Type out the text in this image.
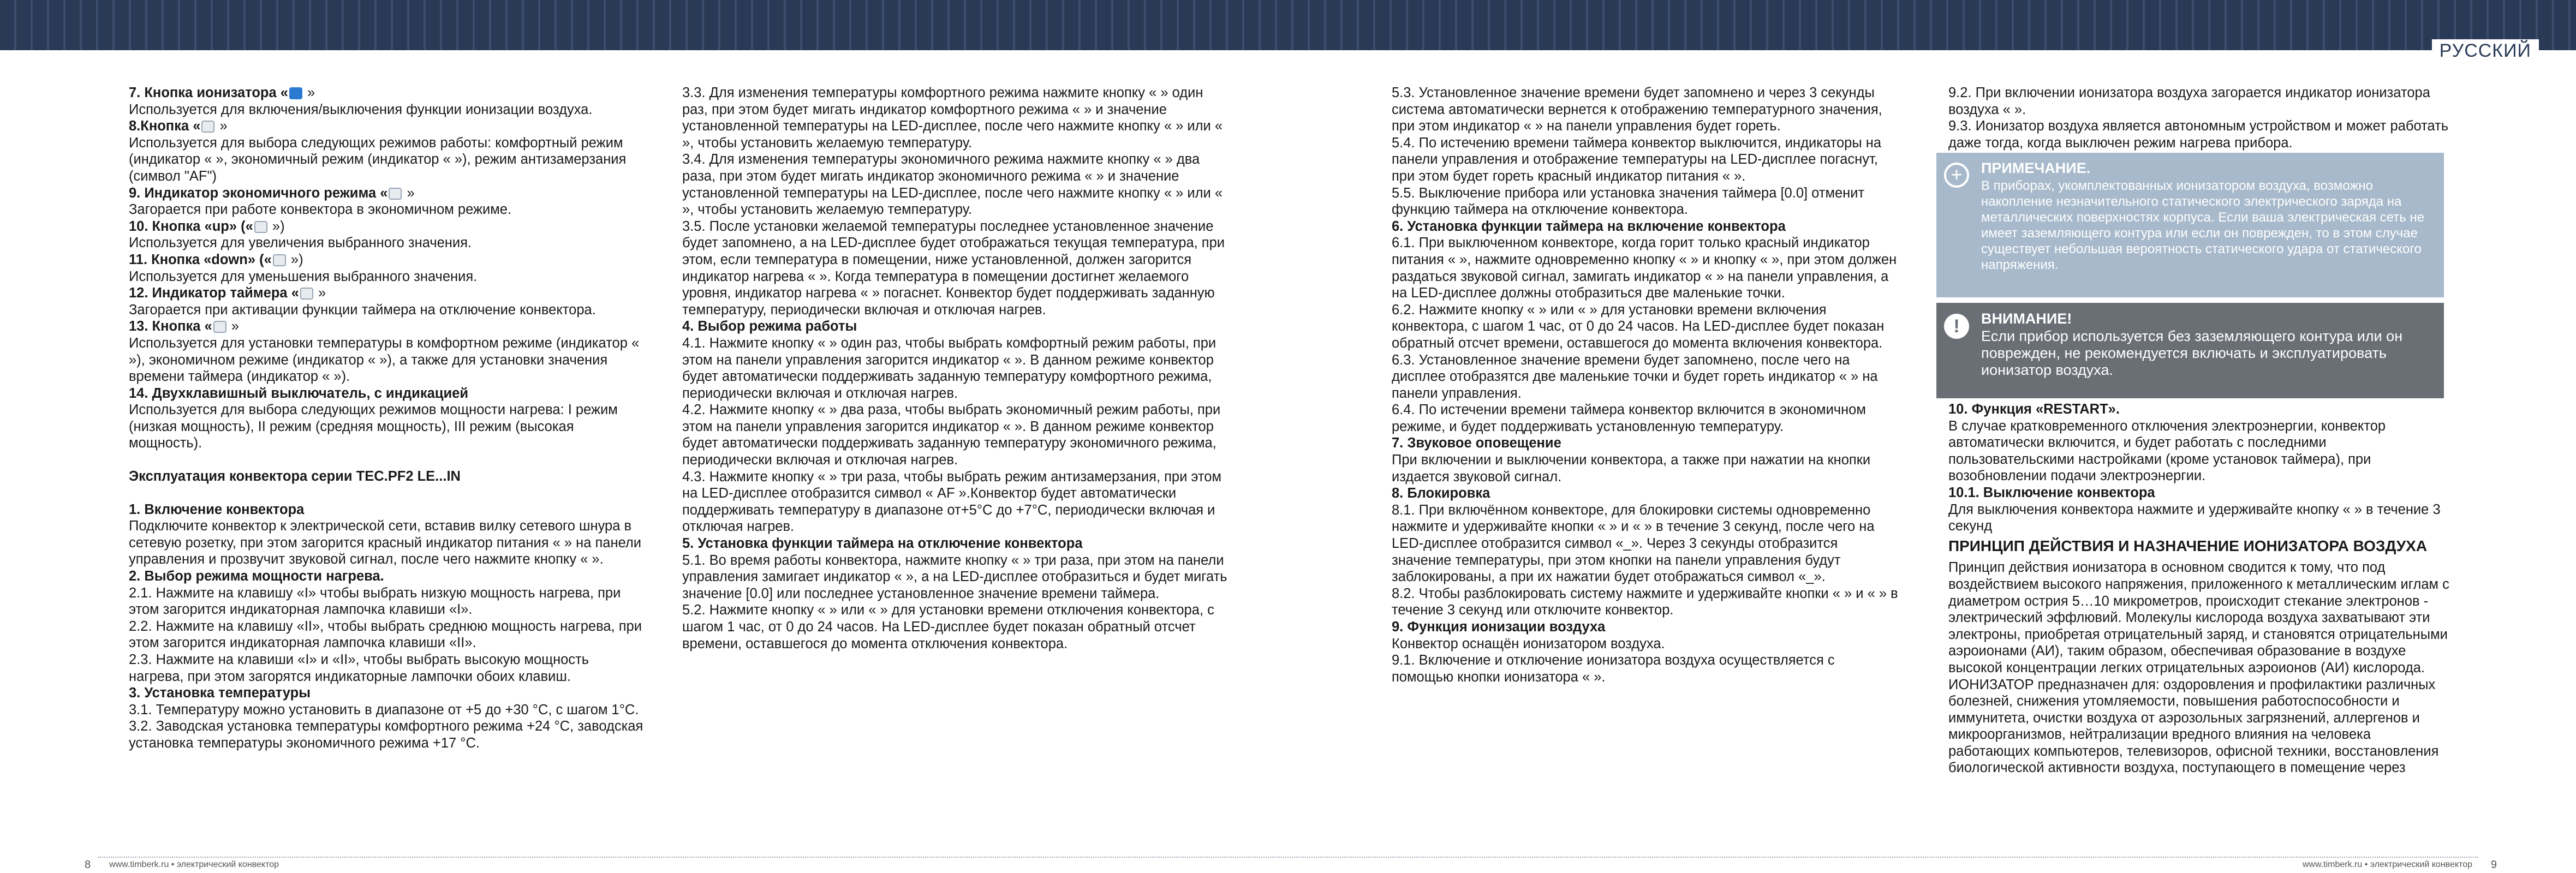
РУССКИЙ

7. Кнопка ионизатора « »

Используется для включения/выключения функции ионизации воздуха.

8.Кнопка « »

Используется для выбора следующих режимов работы: комфортный режим (индикатор « », экономичный режим (индикатор « »), режим антизамерзания (символ "AF")

9. Индикатор экономичного режима « »

Загорается при работе конвектора в экономичном режиме.

10. Кнопка «up» (« »)

Используется для увеличения выбранного значения.

11. Кнопка «down» (« »)

Используется для уменьшения выбранного значения.

12. Индикатор таймера « »

Загорается при активации функции таймера на отключение конвектора.

13. Кнопка « »

Используется для установки температуры в комфортном режиме (индикатор « »), экономичном режиме (индикатор « »), а также для установки значения времени таймера (индикатор « »).

14. Двухклавишный выключатель, с индикацией

Используется для выбора следующих режимов мощности нагрева: I режим (низкая мощность), II режим (средняя мощность), III режим (высокая мощность).

Эксплуатация конвектора серии TEC.PF2 LE...IN

1. Включение конвектора

Подключите конвектор к электрической сети, вставив вилку сетевого шнура в сетевую розетку, при этом загорится красный индикатор питания « » на панели управления и прозвучит звуковой сигнал, после чего нажмите кнопку « ».

2. Выбор режима мощности нагрева.

2.1. Нажмите на клавишу «I» чтобы выбрать низкую мощность нагрева, при этом загорится индикаторная лампочка клавиши «I».

2.2. Нажмите на клавишу «II», чтобы выбрать среднюю мощность нагрева, при этом загорится индикаторная лампочка клавиши «II».

2.3. Нажмите на клавиши «I» и «II», чтобы выбрать высокую мощность нагрева, при этом загорятся индикаторные лампочки обоих клавиш.

3. Установка температуры

3.1. Температуру можно установить в диапазоне от +5 до +30 °С, с шагом 1°С.

3.2. Заводская установка температуры комфортного режима +24 °С, заводская установка температуры экономичного режима +17 °С.

3.3. Для изменения температуры комфортного режима нажмите кнопку « » один раз, при этом будет мигать индикатор комфортного режима « » и значение установленной температуры на LED-дисплее, после чего нажмите кнопку « » или « », чтобы установить желаемую температуру.

3.4. Для изменения температуры экономичного режима нажмите кнопку « » два раза, при этом будет мигать индикатор экономичного режима « » и значение установленной температуры на LED-дисплее, после чего нажмите кнопку « » или « », чтобы установить желаемую температуру.

3.5. После установки желаемой температуры последнее установленное значение будет запомнено, а на LED-дисплее будет отображаться текущая температура, при этом, если температура в помещении, ниже установленной, должен загорится индикатор нагрева « ». Когда температура в помещении достигнет желаемого уровня, индикатор нагрева « » погаснет. Конвектор будет поддерживать заданную температуру, периодически включая и отключая нагрев.

4. Выбор режима работы

4.1. Нажмите кнопку « » один раз, чтобы выбрать комфортный режим работы, при этом на панели управления загорится индикатор « ». В данном режиме конвектор будет автоматически поддерживать заданную температуру комфортного режима, периодически включая и отключая нагрев.

4.2. Нажмите кнопку « » два раза, чтобы выбрать экономичный режим работы, при этом на панели управления загорится индикатор « ». В данном режиме конвектор будет автоматически поддерживать заданную температуру экономичного режима, периодически включая и отключая нагрев.

4.3. Нажмите кнопку « » три раза, чтобы выбрать режим антизамерзания, при этом на LED-дисплее отобразится символ « AF ».Конвектор будет автоматически поддерживать температуру в диапазоне от+5°С до +7°С, периодически включая и отключая нагрев.

5. Установка функции таймера на отключение конвектора

5.1. Во время работы конвектора, нажмите кнопку « » три раза, при этом на панели управления замигает индикатор « », а на LED-дисплее отобразиться и будет мигать значение [0.0] или последнее установленное значение времени таймера.

5.2. Нажмите кнопку « » или « » для установки времени отключения конвектора, с шагом 1 час, от 0 до 24 часов. На LED-дисплее будет показан обратный отсчет времени, оставшегося до момента отключения конвектора.

5.3. Установленное значение времени будет запомнено и через 3 секунды система автоматически вернется к отображению температурного значения, при этом индикатор « » на панели управления будет гореть.

5.4. По истечению времени таймера конвектор выключится, индикаторы на панели управления и отображение температуры на LED-дисплее погаснут, при этом будет гореть красный индикатор питания « ».

5.5. Выключение прибора или установка значения таймера [0.0] отменит функцию таймера на отключение конвектора.

6. Установка функции таймера на включение конвектора

6.1. При выключенном конвекторе, когда горит только красный индикатор питания « », нажмите одновременно кнопку « » и кнопку « », при этом должен раздаться звуковой сигнал, замигать индикатор « » на панели управления, а на LED-дисплее должны отобразиться две маленькие точки.

6.2. Нажмите кнопку « » или « » для установки времени включения конвектора, с шагом 1 час, от 0 до 24 часов. На LED-дисплее будет показан обратный отсчет времени, оставшегося до момента включения конвектора.

6.3. Установленное значение времени будет запомнено, после чего на дисплее отобразятся две маленькие точки и будет гореть индикатор « » на панели управления.

6.4. По истечении времени таймера конвектор включится в экономичном режиме, и будет поддерживать установленную температуру.

7. Звуковое оповещение

При включении и выключении конвектора, а также при нажатии на кнопки издается звуковой сигнал.

8. Блокировка

8.1. При включённом конвекторе, для блокировки системы одновременно нажмите и удерживайте кнопки « » и « » в течение 3 секунд, после чего на LED-дисплее отобразится символ «_». Через 3 секунды отобразится значение температуры, при этом кнопки на панели управления будут заблокированы, а при их нажатии будет отображаться символ «_».

8.2. Чтобы разблокировать систему нажмите и удерживайте кнопки « » и « » в течение 3 секунд или отключите конвектор.

9. Функция ионизации воздуха

Конвектор оснащён ионизатором воздуха.

9.1. Включение и отключение ионизатора воздуха осуществляется с помощью кнопки ионизатора « ».

9.2. При включении ионизатора воздуха загорается индикатор ионизатора воздуха « ».

9.3. Ионизатор воздуха является автономным устройством и может работать даже тогда, когда выключен режим нагрева прибора.

+	ПРИМЕЧАНИЕ.
В приборах, укомплектованных ионизатором воздуха, возможно накопление незначительного статического электрического заряда на металлических поверхностях корпуса. Если ваша электрическая сеть не имеет заземляющего контура или если он поврежден, то в этом случае существует небольшая вероятность статического удара от статического напряжения.
!	ВНИМАНИЕ!
Если прибор используется без заземляющего контура или он поврежден, не рекомендуется включать и эксплуатировать ионизатор воздуха.

10. Функция «RESTART».

В случае кратковременного отключения электроэнергии, конвектор автоматически включится, и будет работать с последними пользовательскими настройками (кроме установок таймера), при возобновлении подачи электроэнергии.

10.1. Выключение конвектора

Для выключения конвектора нажмите и удерживайте кнопку « » в течение 3 секунд

ПРИНЦИП ДЕЙСТВИЯ И НАЗНАЧЕНИЕ ИОНИЗАТОРА ВОЗДУХА

Принцип действия ионизатора в основном сводится к тому, что под воздействием высокого напряжения, приложенного к металлическим иглам с диаметром острия 5…10 микрометров, происходит стекание электронов - электрический эффлювий. Молекулы кислорода воздуха захватывают эти электроны, приобретая отрицательный заряд, и становятся отрицательными аэроионами (АИ), таким образом, обеспечивая образование в воздухе высокой концентрации легких отрицательных аэроионов (АИ) кислорода.

ИОНИЗАТОР предназначен для: оздоровления и профилактики различных болезней, снижения утомляемости, повышения работоспособности и иммунитета, очистки воздуха от аэрозольных загрязнений, аллергенов и микроорганизмов, нейтрализации вредного влияния на человека работающих компьютеров, телевизоров, офисной техники, восстановления биологической активности воздуха, поступающего в помещение через

8 www.timberk.ru • электрический конвектор	www.timberk.ru • электрический конвектор 9
